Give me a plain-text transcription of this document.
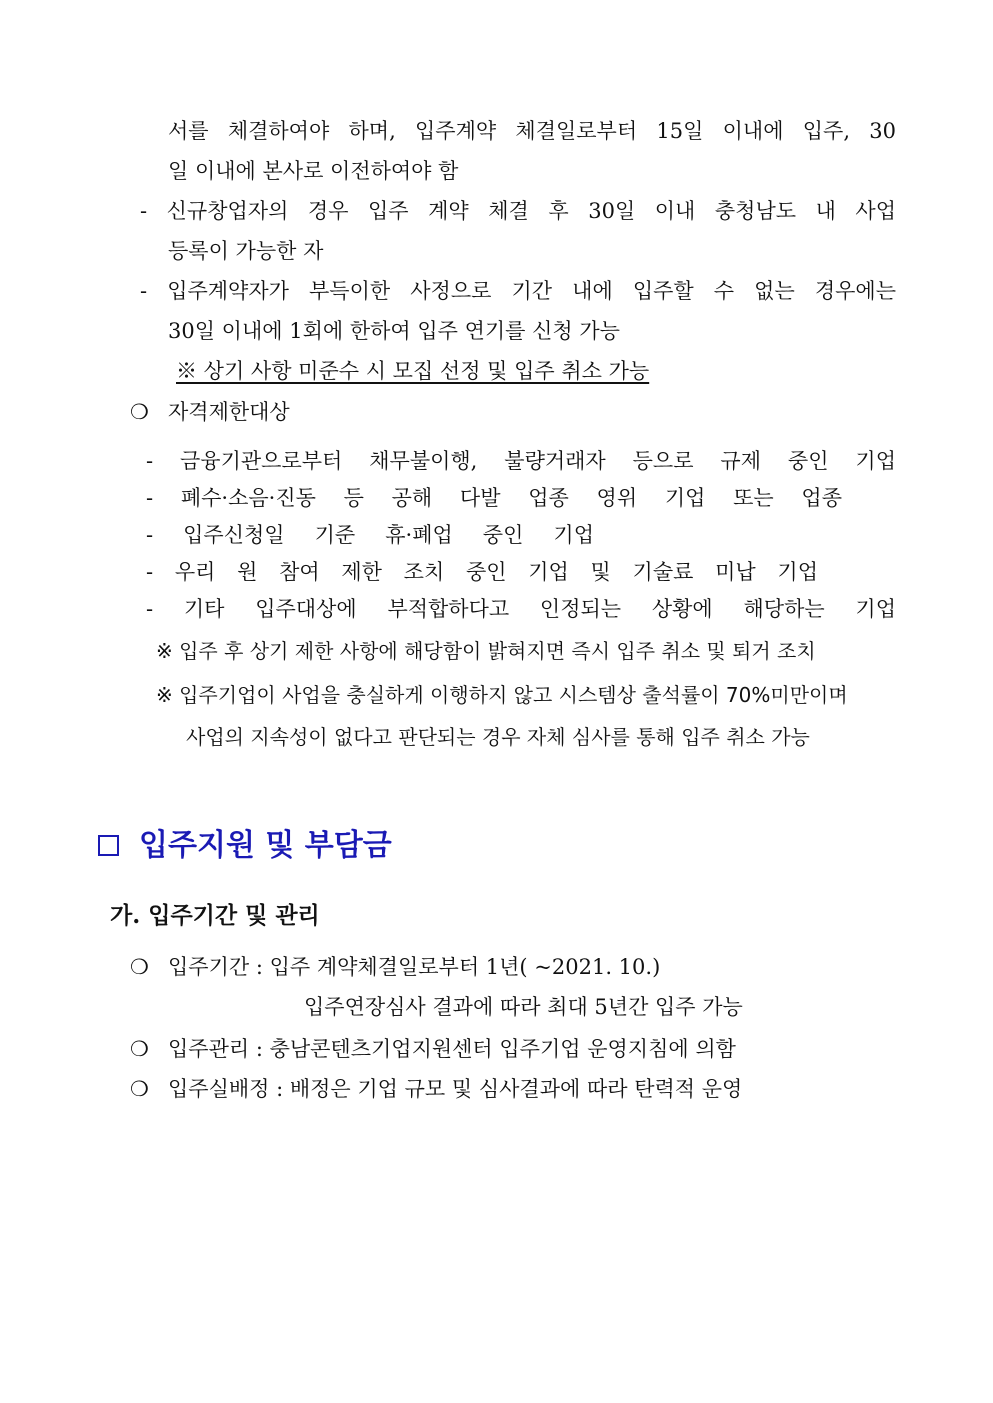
서를 체결하여야 하며, 입주계약 체결일로부터 15일 이내에 입주, 30
일 이내에 본사로 이전하여야 함
- 신규창업자의 경우 입주 계약 체결 후 30일 이내 충청남도 내 사업
등록이 가능한 자
- 입주계약자가 부득이한 사정으로 기간 내에 입주할 수 없는 경우에는
30일 이내에 1회에 한하여 입주 연기를 신청 가능
※ 상기 사항 미준수 시 모집 선정 및 입주 취소 가능
❍ 자격제한대상
- 금융기관으로부터 채무불이행, 불량거래자 등으로 규제 중인 기업
- 폐수·소음·진동 등 공해 다발 업종 영위 기업 또는 업종
- 입주신청일 기준 휴·폐업 중인 기업
- 우리 원 참여 제한 조치 중인 기업 및 기술료 미납 기업
- 기타 입주대상에 부적합하다고 인정되는 상황에 해당하는 기업
※ 입주 후 상기 제한 사항에 해당함이 밝혀지면 즉시 입주 취소 및 퇴거 조치
※ 입주기업이 사업을 충실하게 이행하지 않고 시스템상 출석률이 70%미만이며
사업의 지속성이 없다고 판단되는 경우 자체 심사를 통해 입주 취소 가능
입주지원 및 부담금
가. 입주기간 및 관리
❍ 입주기간 : 입주 계약체결일로부터 1년( ~2021. 10.)
입주연장심사 결과에 따라 최대 5년간 입주 가능
❍ 입주관리 : 충남콘텐츠기업지원센터 입주기업 운영지침에 의함
❍ 입주실배정 : 배정은 기업 규모 및 심사결과에 따라 탄력적 운영
